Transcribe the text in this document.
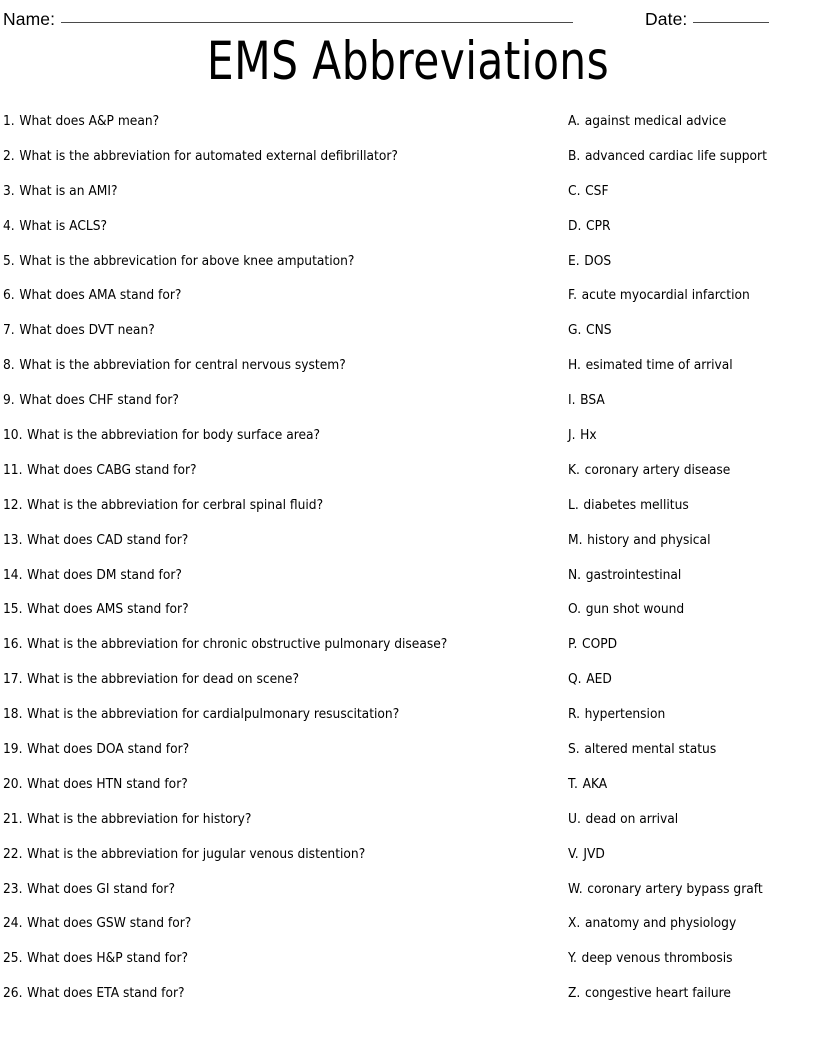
Name:	Date:
EMS Abbreviations
1. What does A&P mean?
2. What is the abbreviation for automated external defibrillator?
3. What is an AMI?
4. What is ACLS?
5. What is the abbrevication for above knee amputation?
6. What does AMA stand for?
7. What does DVT nean?
8. What is the abbreviation for central nervous system?
9. What does CHF stand for?
10. What is the abbreviation for body surface area?
11. What does CABG stand for?
12. What is the abbreviation for cerbral spinal fluid?
13. What does CAD stand for?
14. What does DM stand for?
15. What does AMS stand for?
16. What is the abbreviation for chronic obstructive pulmonary disease?
17. What is the abbreviation for dead on scene?
18. What is the abbreviation for cardialpulmonary resuscitation?
19. What does DOA stand for?
20. What does HTN stand for?
21. What is the abbreviation for history?
22. What is the abbreviation for jugular venous distention?
23. What does GI stand for?
24. What does GSW stand for?
25. What does H&P stand for?
26. What does ETA stand for?
A. against medical advice
B. advanced cardiac life support
C. CSF
D. CPR
E. DOS
F. acute myocardial infarction
G. CNS
H. esimated time of arrival
I. BSA
J. Hx
K. coronary artery disease
L. diabetes mellitus
M. history and physical
N. gastrointestinal
O. gun shot wound
P. COPD
Q. AED
R. hypertension
S. altered mental status
T. AKA
U. dead on arrival
V. JVD
W. coronary artery bypass graft
X. anatomy and physiology
Y. deep venous thrombosis
Z. congestive heart failure
